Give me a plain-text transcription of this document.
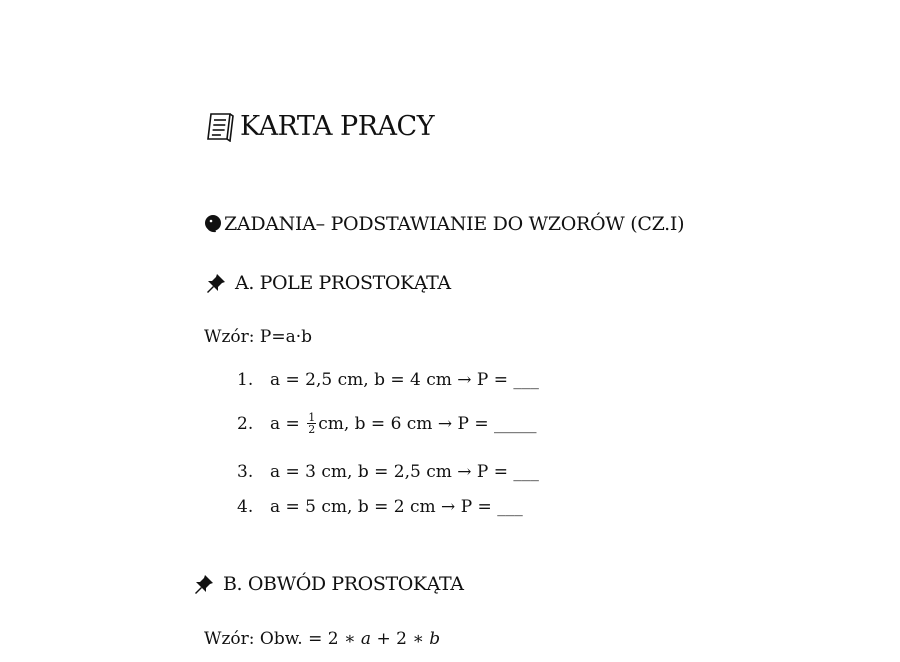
KARTA PRACY
ZADANIA– PODSTAWIANIE DO WZORÓW (CZ.I)
A. POLE PROSTOKĄTA
Wzór: P=a·b
1. a = 2,5 cm, b = 4 cm → P = ___
2. $a = \frac{1}{2}$ cm, b = 6 cm → P = _____
3. a = 3 cm, b = 2,5 cm → P = ___
4. a = 5 cm, b = 2 cm → P = ___
B. OBWÓD PROSTOKĄTA
Wzór: Obw. = 2 ∗ a + 2 ∗ b
